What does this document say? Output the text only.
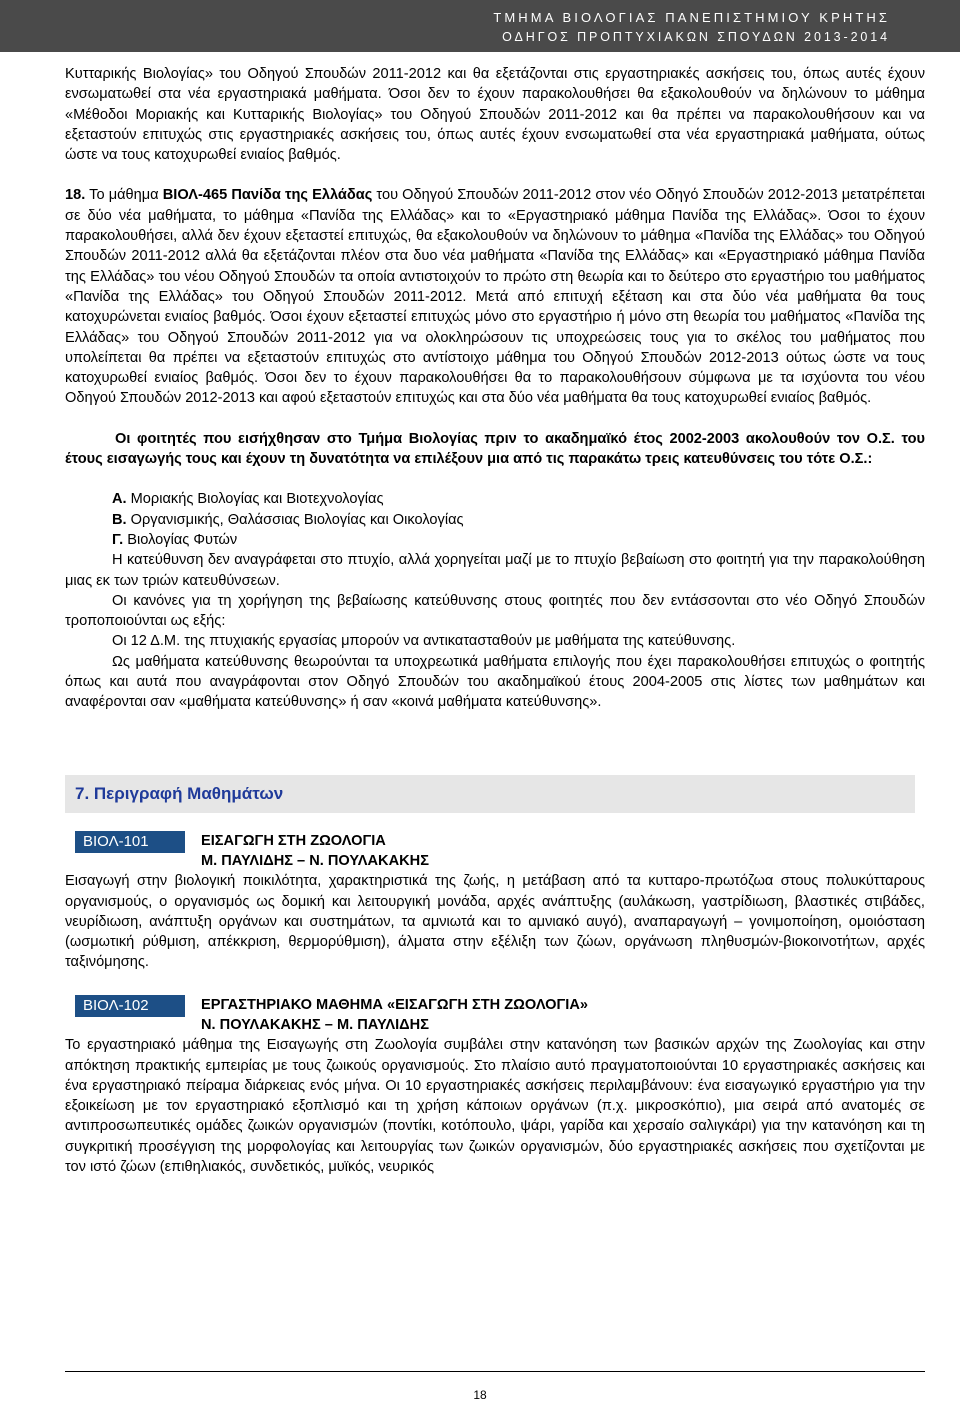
ΤΜΗΜΑ ΒΙΟΛΟΓΙΑΣ ΠΑΝΕΠΙΣΤΗΜΙΟΥ ΚΡΗΤΗΣ
ΟΔΗΓΟΣ ΠΡΟΠΤΥΧΙΑΚΩΝ ΣΠΟΥΔΩΝ 2013-2014

Κυτταρικής Βιολογίας» του Οδηγού Σπουδών 2011-2012 και θα εξετάζονται στις εργαστηριακές ασκήσεις του, όπως αυτές έχουν ενσωματωθεί στα νέα εργαστηριακά μαθήματα. Όσοι δεν το έχουν παρακολουθήσει θα εξακολουθούν να δηλώνουν το μάθημα «Μέθοδοι Μοριακής και Κυτταρικής Βιολογίας» του Οδηγού Σπουδών 2011-2012 και θα πρέπει να παρακολουθήσουν και να εξεταστούν επιτυχώς στις εργαστηριακές ασκήσεις του, όπως αυτές έχουν ενσωματωθεί στα νέα εργαστηριακά μαθήματα, ούτως ώστε να τους κατοχυρωθεί ενιαίος βαθμός.

18. Το μάθημα ΒΙΟΛ-465 Πανίδα της Ελλάδας του Οδηγού Σπουδών 2011-2012 στον νέο Οδηγό Σπουδών 2012-2013 μετατρέπεται σε δύο νέα μαθήματα, το μάθημα «Πανίδα της Ελλάδας» και το «Εργαστηριακό μάθημα Πανίδα της Ελλάδας». Όσοι το έχουν παρακολουθήσει, αλλά δεν έχουν εξεταστεί επιτυχώς, θα εξακολουθούν να δηλώνουν το μάθημα «Πανίδα της Ελλάδας» του Οδηγού Σπουδών 2011-2012 αλλά θα εξετάζονται πλέον στα δυο νέα μαθήματα «Πανίδα της Ελλάδας» και «Εργαστηριακό μάθημα Πανίδα της Ελλάδας» του νέου Οδηγού Σπουδών τα οποία αντιστοιχούν το πρώτο στη θεωρία και το δεύτερο στο εργαστήριο του μαθήματος «Πανίδα της Ελλάδας» του Οδηγού Σπουδών 2011-2012. Μετά από επιτυχή εξέταση και στα δύο νέα μαθήματα θα τους κατοχυρώνεται ενιαίος βαθμός. Όσοι έχουν εξεταστεί επιτυχώς μόνο στο εργαστήριο ή μόνο στη θεωρία του μαθήματος «Πανίδα της Ελλάδας» του Οδηγού Σπουδών 2011-2012 για να ολοκληρώσουν τις υποχρεώσεις τους για το σκέλος του μαθήματος που υπολείπεται θα πρέπει να εξεταστούν επιτυχώς στο αντίστοιχο μάθημα του Οδηγού Σπουδών 2012-2013 ούτως ώστε να τους κατοχυρωθεί ενιαίος βαθμός. Όσοι δεν το έχουν παρακολουθήσει θα το παρακολουθήσουν σύμφωνα με τα ισχύοντα του νέου Οδηγού Σπουδών 2012-2013 και αφού εξεταστούν επιτυχώς και στα δύο νέα μαθήματα θα τους κατοχυρωθεί ενιαίος βαθμός.

Οι φοιτητές που εισήχθησαν στο Τμήμα Βιολογίας πριν το ακαδημαϊκό έτος 2002-2003 ακολουθούν τον Ο.Σ. του έτους εισαγωγής τους και έχουν τη δυνατότητα να επιλέξουν μια από τις παρακάτω τρεις κατευθύνσεις του τότε Ο.Σ.:

Α. Μοριακής Βιολογίας και Βιοτεχνολογίας
Β. Οργανισμικής, Θαλάσσιας Βιολογίας και Οικολογίας
Γ. Βιολογίας Φυτών

Η κατεύθυνση δεν αναγράφεται στο πτυχίο, αλλά χορηγείται μαζί με το πτυχίο βεβαίωση στο φοιτητή για την παρακολούθηση μιας εκ των τριών κατευθύνσεων.

Οι κανόνες για τη χορήγηση της βεβαίωσης κατεύθυνσης στους φοιτητές που δεν εντάσσονται στο νέο Οδηγό Σπουδών τροποποιούνται ως εξής:

Οι 12 Δ.Μ. της πτυχιακής εργασίας μπορούν να αντικατασταθούν με μαθήματα της κατεύθυνσης.

Ως μαθήματα κατεύθυνσης θεωρούνται τα υποχρεωτικά μαθήματα επιλογής που έχει παρακολουθήσει επιτυχώς ο φοιτητής όπως και αυτά που αναγράφονται στον Οδηγό Σπουδών του ακαδημαϊκού έτους 2004-2005 στις λίστες των μαθημάτων και αναφέρονται σαν «μαθήματα κατεύθυνσης» ή σαν «κοινά μαθήματα κατεύθυνσης».

7. Περιγραφή Μαθημάτων
ΒΙΟΛ-101	ΕΙΣΑΓΩΓΗ ΣΤΗ ΖΩΟΛΟΓΙΑ
Μ. ΠΑΥΛΙΔΗΣ – Ν. ΠΟΥΛΑΚΑΚΗΣ

Εισαγωγή στην βιολογική ποικιλότητα, χαρακτηριστικά της ζωής, η μετάβαση από τα κυτταρο-πρωτόζωα στους πολυκύτταρους οργανισμούς, ο οργανισμός ως δομική και λειτουργική μονάδα, αρχές ανάπτυξης (αυλάκωση, γαστρίδιωση, βλαστικές στιβάδες, νευρίδιωση, ανάπτυξη οργάνων και συστημάτων, τα αμνιωτά και το αμνιακό αυγό), αναπαραγωγή – γονιμοποίηση, ομοιόσταση (ωσμωτική ρύθμιση, απέκκριση, θερμορύθμιση), άλματα στην εξέλιξη των ζώων, οργάνωση πληθυσμών-βιοκοινοτήτων, αρχές ταξινόμησης.

ΒΙΟΛ-102	ΕΡΓΑΣΤΗΡΙΑΚΟ ΜΑΘΗΜΑ «ΕΙΣΑΓΩΓΗ ΣΤΗ ΖΩΟΛΟΓΙΑ»
Ν. ΠΟΥΛΑΚΑΚΗΣ – Μ. ΠΑΥΛΙΔΗΣ

Το εργαστηριακό μάθημα της Εισαγωγής στη Ζωολογία συμβάλει στην κατανόηση των βασικών αρχών της Ζωολογίας και στην απόκτηση πρακτικής εμπειρίας με τους ζωικούς οργανισμούς. Στο πλαίσιο αυτό πραγματοποιούνται 10 εργαστηριακές ασκήσεις και ένα εργαστηριακό πείραμα διάρκειας ενός μήνα. Οι 10 εργαστηριακές ασκήσεις περιλαμβάνουν: ένα εισαγωγικό εργαστήριο για την εξοικείωση με τον εργαστηριακό εξοπλισμό και τη χρήση κάποιων οργάνων (π.χ. μικροσκόπιο), μια σειρά από ανατομές σε αντιπροσωπευτικές ομάδες ζωικών οργανισμών (ποντίκι, κοτόπουλο, ψάρι, γαρίδα και χερσαίο σαλιγκάρι) για την κατανόηση και τη συγκριτική προσέγγιση της μορφολογίας και λειτουργίας των ζωικών οργανισμών, δύο εργαστηριακές ασκήσεις που σχετίζονται με τον ιστό ζώων (επιθηλιακός, συνδετικός, μυϊκός, νευρικός

18
